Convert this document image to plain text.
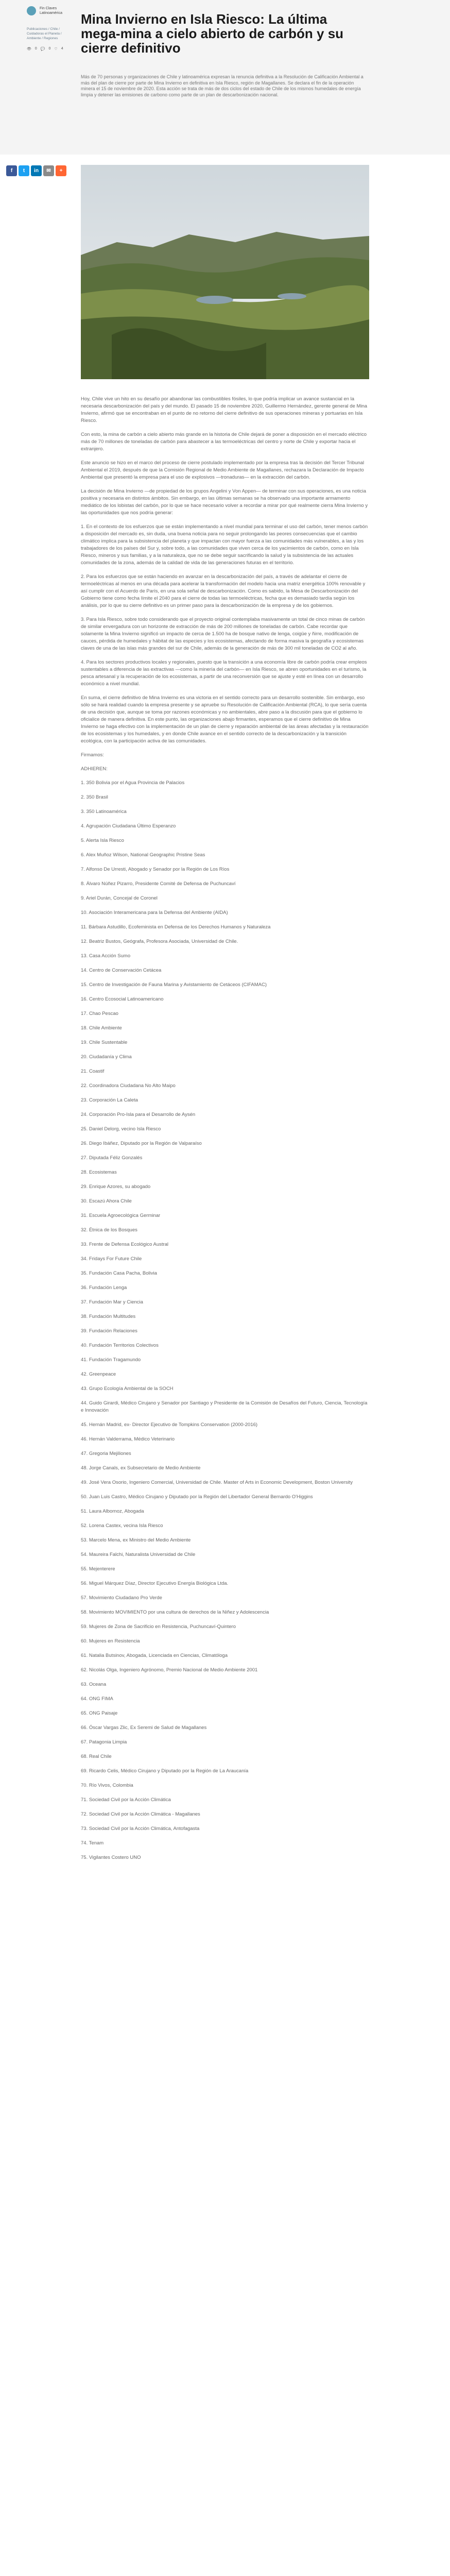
Fin Claves
Latinoamérica
Publicaciones / Chile / Cuidadoras el Planeta / Ambiente / Regiones
👁 0 💬 0 ♡ 4
Mina Invierno en Isla Riesco: La última mega-mina a cielo abierto de carbón y su cierre definitivo

Más de 70 personas y organizaciones de Chile y latinoamérica expresan la renuncia definitiva a la Resolución de Calificación Ambiental a más del plan de cierre por parte de Mina Invierno en definitiva en Isla Riesco, región de Magallanes. Se declara el fin de la operación minera el 15 de noviembre de 2020. Esta acción se trata de más de dos ciclos del estado de Chile de los mismos humedales de energía limpia y detener las emisiones de carbono como parte de un plan de descarbonización nacional.

f	t	in	✉	+

Hoy, Chile vive un hito en su desafío por abandonar las combustibles fósiles, lo que podría implicar un avance sustancial en la necesaria descarbonización del país y del mundo. El pasado 15 de noviembre 2020, Guillermo Hernández, gerente general de Mina Invierno, afirmó que se encontraban en el punto de no retorno del cierre definitivo de sus operaciones mineras y portuarias en Isla Riesco.

Con esto, la mina de carbón a cielo abierto más grande en la historia de Chile dejará de poner a disposición en el mercado eléctrico más de 70 millones de toneladas de carbón para abastecer a las termoeléctricas del centro y norte de Chile y exportar hacia el extranjero.

Este anuncio se hizo en el marco del proceso de cierre postulado implementado por la empresa tras la decisión del Tercer Tribunal Ambiental el 2019, después de que la Comisión Regional de Medio Ambiente de Magallanes, rechazara la Declaración de Impacto Ambiental que presentó la empresa para el uso de explosivos —tronaduras— en la extracción del carbón.

La decisión de Mina Invierno —de propiedad de los grupos Angelini y Von Appen— de terminar con sus operaciones, es una noticia positiva y necesaria en distintos ámbitos. Sin embargo, en las últimas semanas se ha observado una importante armamento mediático de los lobistas del carbón, por lo que se hace necesario volver a recordar a mirar por qué realmente cierra Mina Invierno y las oportunidades que nos podría generar:

1. En el contexto de los esfuerzos que se están implementando a nivel mundial para terminar el uso del carbón, tener menos carbón a disposición del mercado es, sin duda, una buena noticia para no seguir prolongando las peores consecuencias que el cambio climático implica para la subsistencia del planeta y que impactan con mayor fuerza a las comunidades más vulnerables, a las y los trabajadores de los países del Sur y, sobre todo, a las comunidades que viven cerca de los yacimientos de carbón, como en Isla Riesco, mineros y sus familias, y a la naturaleza, que no se debe seguir sacrificando la salud y la subsistencia de las actuales comunidades de la zona, además de la calidad de vida de las generaciones futuras en el territorio.

2. Para los esfuerzos que se están haciendo en avanzar en la descarbonización del país, a través de adelantar el cierre de termoeléctricas al menos en una década para acelerar la transformación del modelo hacia una matriz energética 100% renovable y así cumplir con el Acuerdo de París, en una sola señal de descarbonización. Como es sabido, la Mesa de Descarbonización del Gobierno tiene como fecha límite el 2040 para el cierre de todas las termoeléctricas, fecha que es demasiado tardía según los análisis, por lo que su cierre definitivo es un primer paso para la descarbonización de la empresa y de los gobiernos.

3. Para Isla Riesco, sobre todo considerando que el proyecto original contemplaba masivamente un total de cinco minas de carbón de similar envergadura con un horizonte de extracción de más de 200 millones de toneladas de carbón. Cabe recordar que solamente la Mina Invierno significó un impacto de cerca de 1.500 ha de bosque nativo de lenga, coigüe y ñirre, modificación de cauces, pérdida de humedales y hábitat de las especies y los ecosistemas, afectando de forma masiva la geografía y ecosistemas claves de una de las islas más grandes del sur de Chile, además de la generación de más de 300 mil toneladas de CO2 al año.

4. Para los sectores productivos locales y regionales, puesto que la transición a una economía libre de carbón podría crear empleos sustentables a diferencia de las extractivas —como la minería del carbón— en Isla Riesco, se abren oportunidades en el turismo, la pesca artesanal y la recuperación de los ecosistemas, a partir de una reconversión que se ajuste y esté en línea con un desarrollo económico a nivel mundial.

En suma, el cierre definitivo de Mina Invierno es una victoria en el sentido correcto para un desarrollo sostenible. Sin embargo, eso sólo se hará realidad cuando la empresa presente y se apruebe su Resolución de Calificación Ambiental (RCA), lo que sería cuenta de una decisión que, aunque se toma por razones económicas y no ambientales, abre paso a la discusión para que el gobierno lo oficialice de manera definitiva. En este punto, las organizaciones abajo firmantes, esperamos que el cierre definitivo de Mina Invierno se haga efectivo con la implementación de un plan de cierre y reparación ambiental de las áreas afectadas y la restauración de los ecosistemas y los humedales, y en donde Chile avance en el sentido correcto de la descarbonización y la transición ecológica, con la participación activa de las comunidades.

Firmamos:

ADHIEREN:

1. 350 Bolivia por el Agua Provincia de Palacios
2. 350 Brasil
3. 350 Latinoamérica
4. Agrupación Ciudadana Último Esperanzo
5. Alerta Isla Riesco
6. Alex Muñoz Wilson, National Geographic Pristine Seas
7. Alfonso De Urresti, Abogado y Senador por la Región de Los Ríos
8. Álvaro Núñez Pizarro, Presidente Comité de Defensa de Puchuncaví
9. Ariel Durán, Concejal de Coronel
10. Asociación Interamericana para la Defensa del Ambiente (AIDA)
11. Bárbara Astudillo, Ecofeminista en Defensa de los Derechos Humanos y Naturaleza
12. Beatriz Bustos, Geógrafa, Profesora Asociada, Universidad de Chile.
13. Casa Acción Sumo
14. Centro de Conservación Cetácea
15. Centro de Investigación de Fauna Marina y Avistamiento de Cetáceos (CIFAMAC)
16. Centro Ecosocial Latinoamericano
17. Chao Pescao
18. Chile Ambiente
19. Chile Sustentable
20. Ciudadanía y Clima
21. Coastif
22. Coordinadora Ciudadana No Alto Maipo
23. Corporación La Caleta
24. Corporación Pro-Isla para el Desarrollo de Aysén
25. Daniel Delorg, vecino Isla Riesco
26. Diego Ibáñez, Diputado por la Región de Valparaíso
27. Diputada Féliz Gonzalés
28. Ecosistemas
29. Enrique Azores, su abogado
30. Escazú Ahora Chile
31. Escuela Agroecológica Germinar
32. Étnica de los Bosques
33. Frente de Defensa Ecológico Austral
34. Fridays For Future Chile
35. Fundación Casa Pacha, Bolivia
36. Fundación Lenga
37. Fundación Mar y Ciencia
38. Fundación Multitudes
39. Fundación Relaciones
40. Fundación Territorios Colectivos
41. Fundación Tragamundo
42. Greenpeace
43. Grupo Ecología Ambiental de la SOCH
44. Guido Girardi, Médico Cirujano y Senador por Santiago y Presidente de la Comisión de Desafíos del Futuro, Ciencia, Tecnología e Innovación
45. Hernán Madrid, ex- Director Ejecutivo de Tompkins Conservation (2000-2016)
46. Hernán Valderrama, Médico Veterinario
47. Gregoria Mejiliones
48. Jorge Canals, ex Subsecretario de Medio Ambiente
49. José Vera Osorio, Ingeniero Comercial, Universidad de Chile. Master of Arts in Economic Development, Boston University
50. Juan Luis Castro, Médico Cirujano y Diputado por la Región del Libertador General Bernardo O'Higgins
51. Laura Albornoz, Abogada
52. Lorena Castex, vecina Isla Riesco
53. Marcelo Mena, ex Ministro del Medio Ambiente
54. Maureira Falchi, Naturalista Universidad de Chile
55. Mejenterere
56. Miguel Márquez Díaz, Director Ejecutivo Energía Biológica Ltda.
57. Movimiento Ciudadano Pro Verde
58. Movimiento MOVIMIENTO por una cultura de derechos de la Niñez y Adolescencia
59. Mujeres de Zona de Sacrificio en Resistencia, Puchuncaví-Quintero
60. Mujeres en Resistencia
61. Natalia Butsinov, Abogada, Licenciada en Ciencias, Climatóloga
62. Nicolás Olga, Ingeniero Agrónomo, Premio Nacional de Medio Ambiente 2001
63. Oceana
64. ONG FIMA
65. ONG Paisaje
66. Óscar Vargas Zlic, Ex Seremi de Salud de Magallanes
67. Patagonia Limpia
68. Real Chile
69. Ricardo Celis, Médico Cirujano y Diputado por la Región de La Araucanía
70. Río Vivos, Colombia
71. Sociedad Civil por la Acción Climática
72. Sociedad Civil por la Acción Climática - Magallanes
73. Sociedad Civil por la Acción Climática, Antofagasta
74. Tenam
75. Vigilantes Costero UNO
